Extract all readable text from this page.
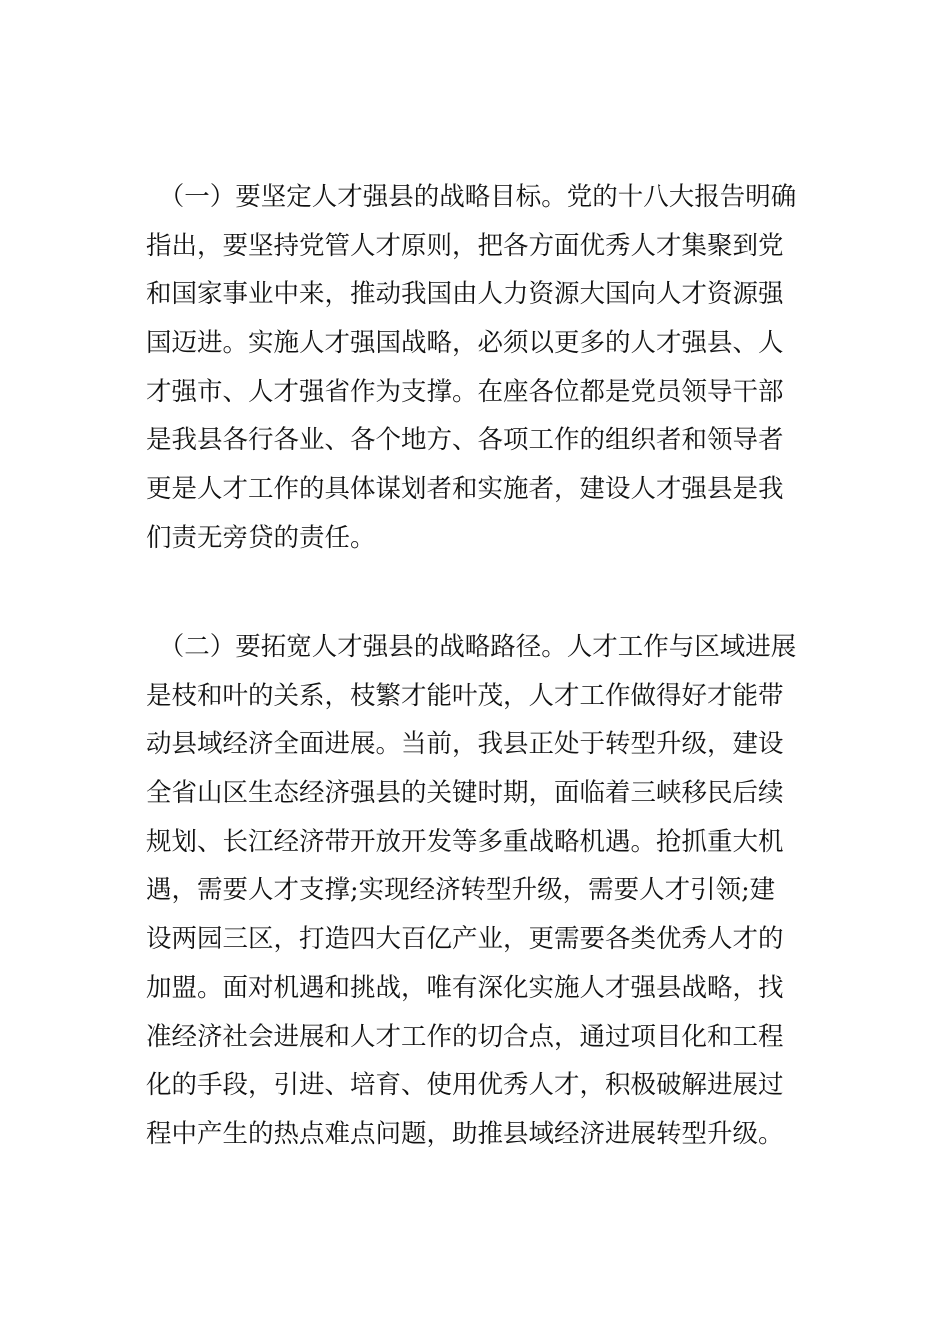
　（一）要坚定人才强县的战略目标。党的十八大报告明确
指出，要坚持党管人才原则，把各方面优秀人才集聚到党
和国家事业中来，推动我国由人力资源大国向人才资源强
国迈进。实施人才强国战略，必须以更多的人才强县、人
才强市、人才强省作为支撑。在座各位都是党员领导干部
是我县各行各业、各个地方、各项工作的组织者和领导者
更是人才工作的具体谋划者和实施者，建设人才强县是我
们责无旁贷的责任。
　（二）要拓宽人才强县的战略路径。人才工作与区域进展
是枝和叶的关系，枝繁才能叶茂，人才工作做得好才能带
动县域经济全面进展。当前，我县正处于转型升级，建设
全省山区生态经济强县的关键时期，面临着三峡移民后续
规划、长江经济带开放开发等多重战略机遇。抢抓重大机
遇，需要人才支撑;实现经济转型升级，需要人才引领;建
设两园三区，打造四大百亿产业，更需要各类优秀人才的
加盟。面对机遇和挑战，唯有深化实施人才强县战略，找
准经济社会进展和人才工作的切合点，通过项目化和工程
化的手段，引进、培育、使用优秀人才，积极破解进展过
程中产生的热点难点问题，助推县域经济进展转型升级。
